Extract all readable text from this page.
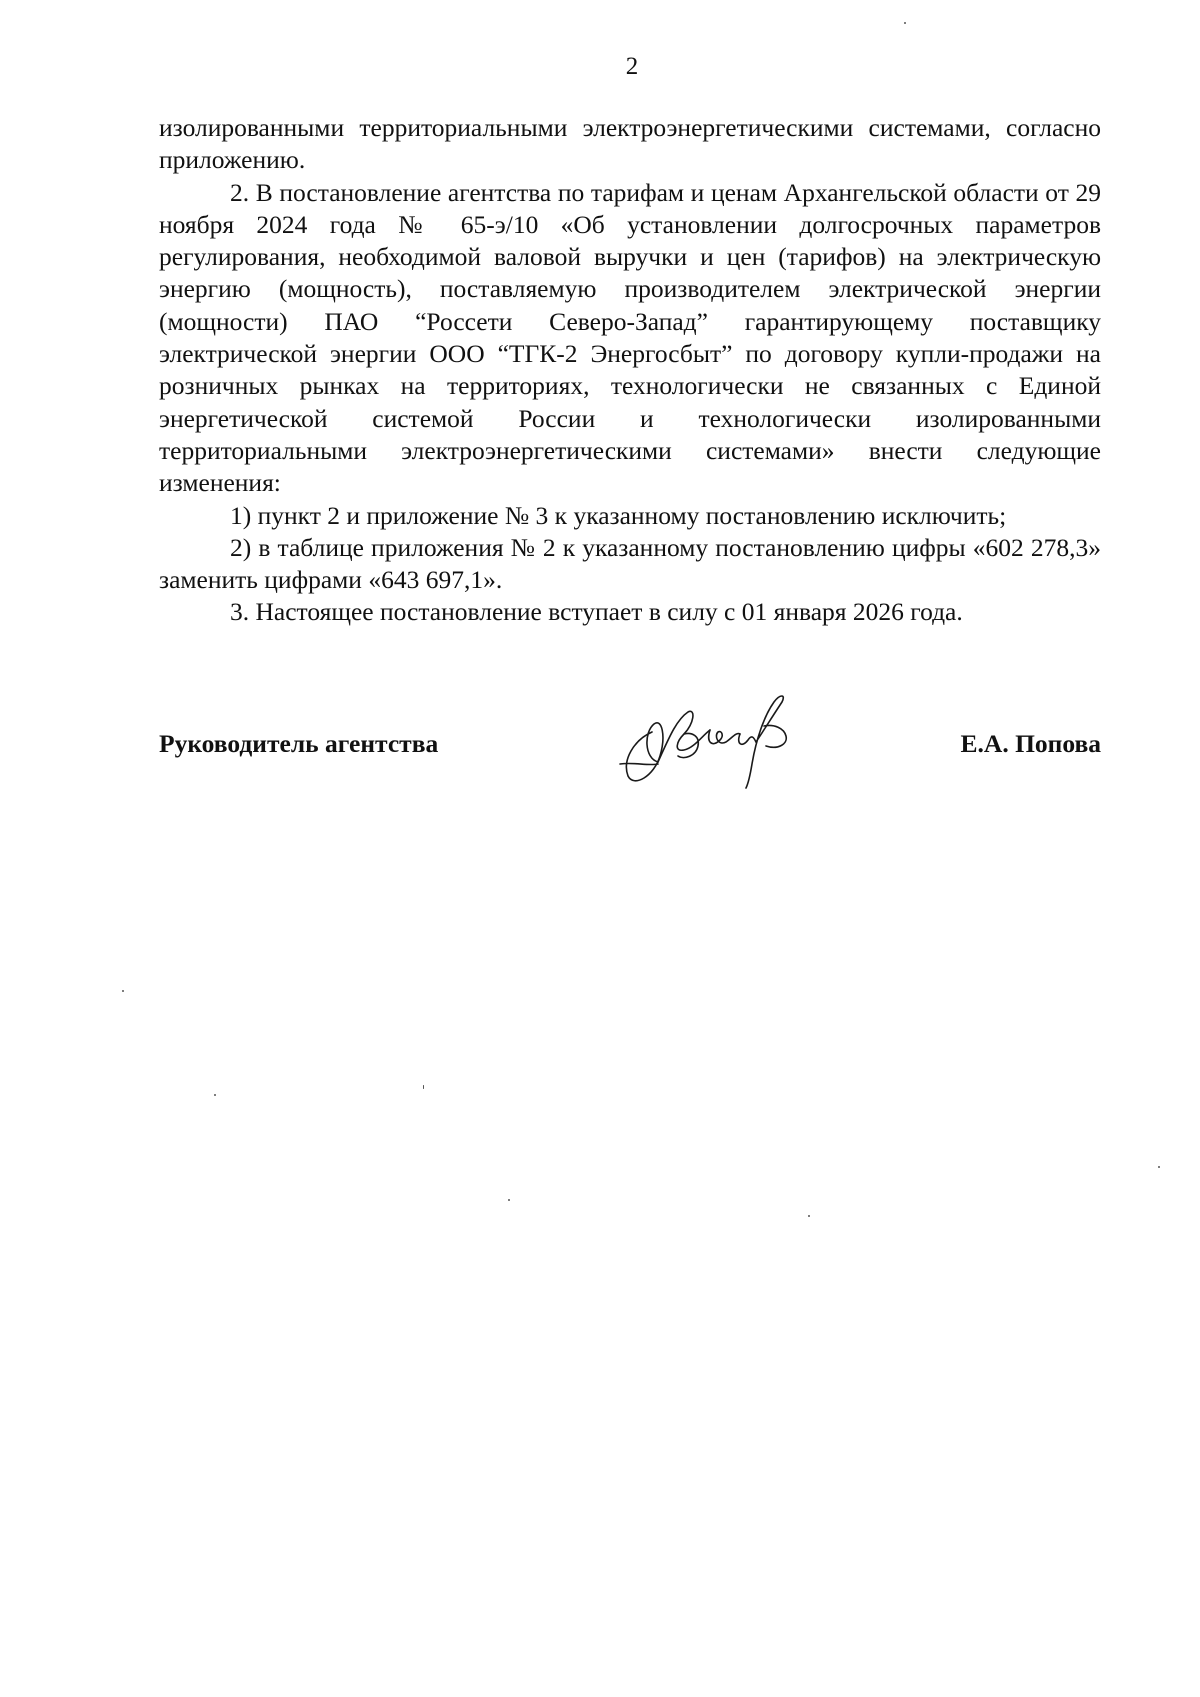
2

изолированными территориальными электроэнергетическими системами, согласно приложению.

2. В постановление агентства по тарифам и ценам Архангельской области от 29 ноября 2024 года № 65-э/10 «Об установлении долгосрочных параметров регулирования, необходимой валовой выручки и цен (тарифов) на электрическую энергию (мощность), поставляемую производителем электрической энергии (мощности) ПАО “Россети Северо-Запад” гарантирующему поставщику электрической энергии ООО “ТГК-2 Энергосбыт” по договору купли-продажи на розничных рынках на территориях, технологически не связанных с Единой энергетической системой России и технологически изолированными территориальными электроэнергетическими системами» внести следующие изменения:

1) пункт 2 и приложение № 3 к указанному постановлению исключить;

2) в таблице приложения № 2 к указанному постановлению цифры «602 278,3» заменить цифрами «643 697,1».

3. Настоящее постановление вступает в силу с 01 января 2026 года.

Руководитель агентства	Е.А. Попова
